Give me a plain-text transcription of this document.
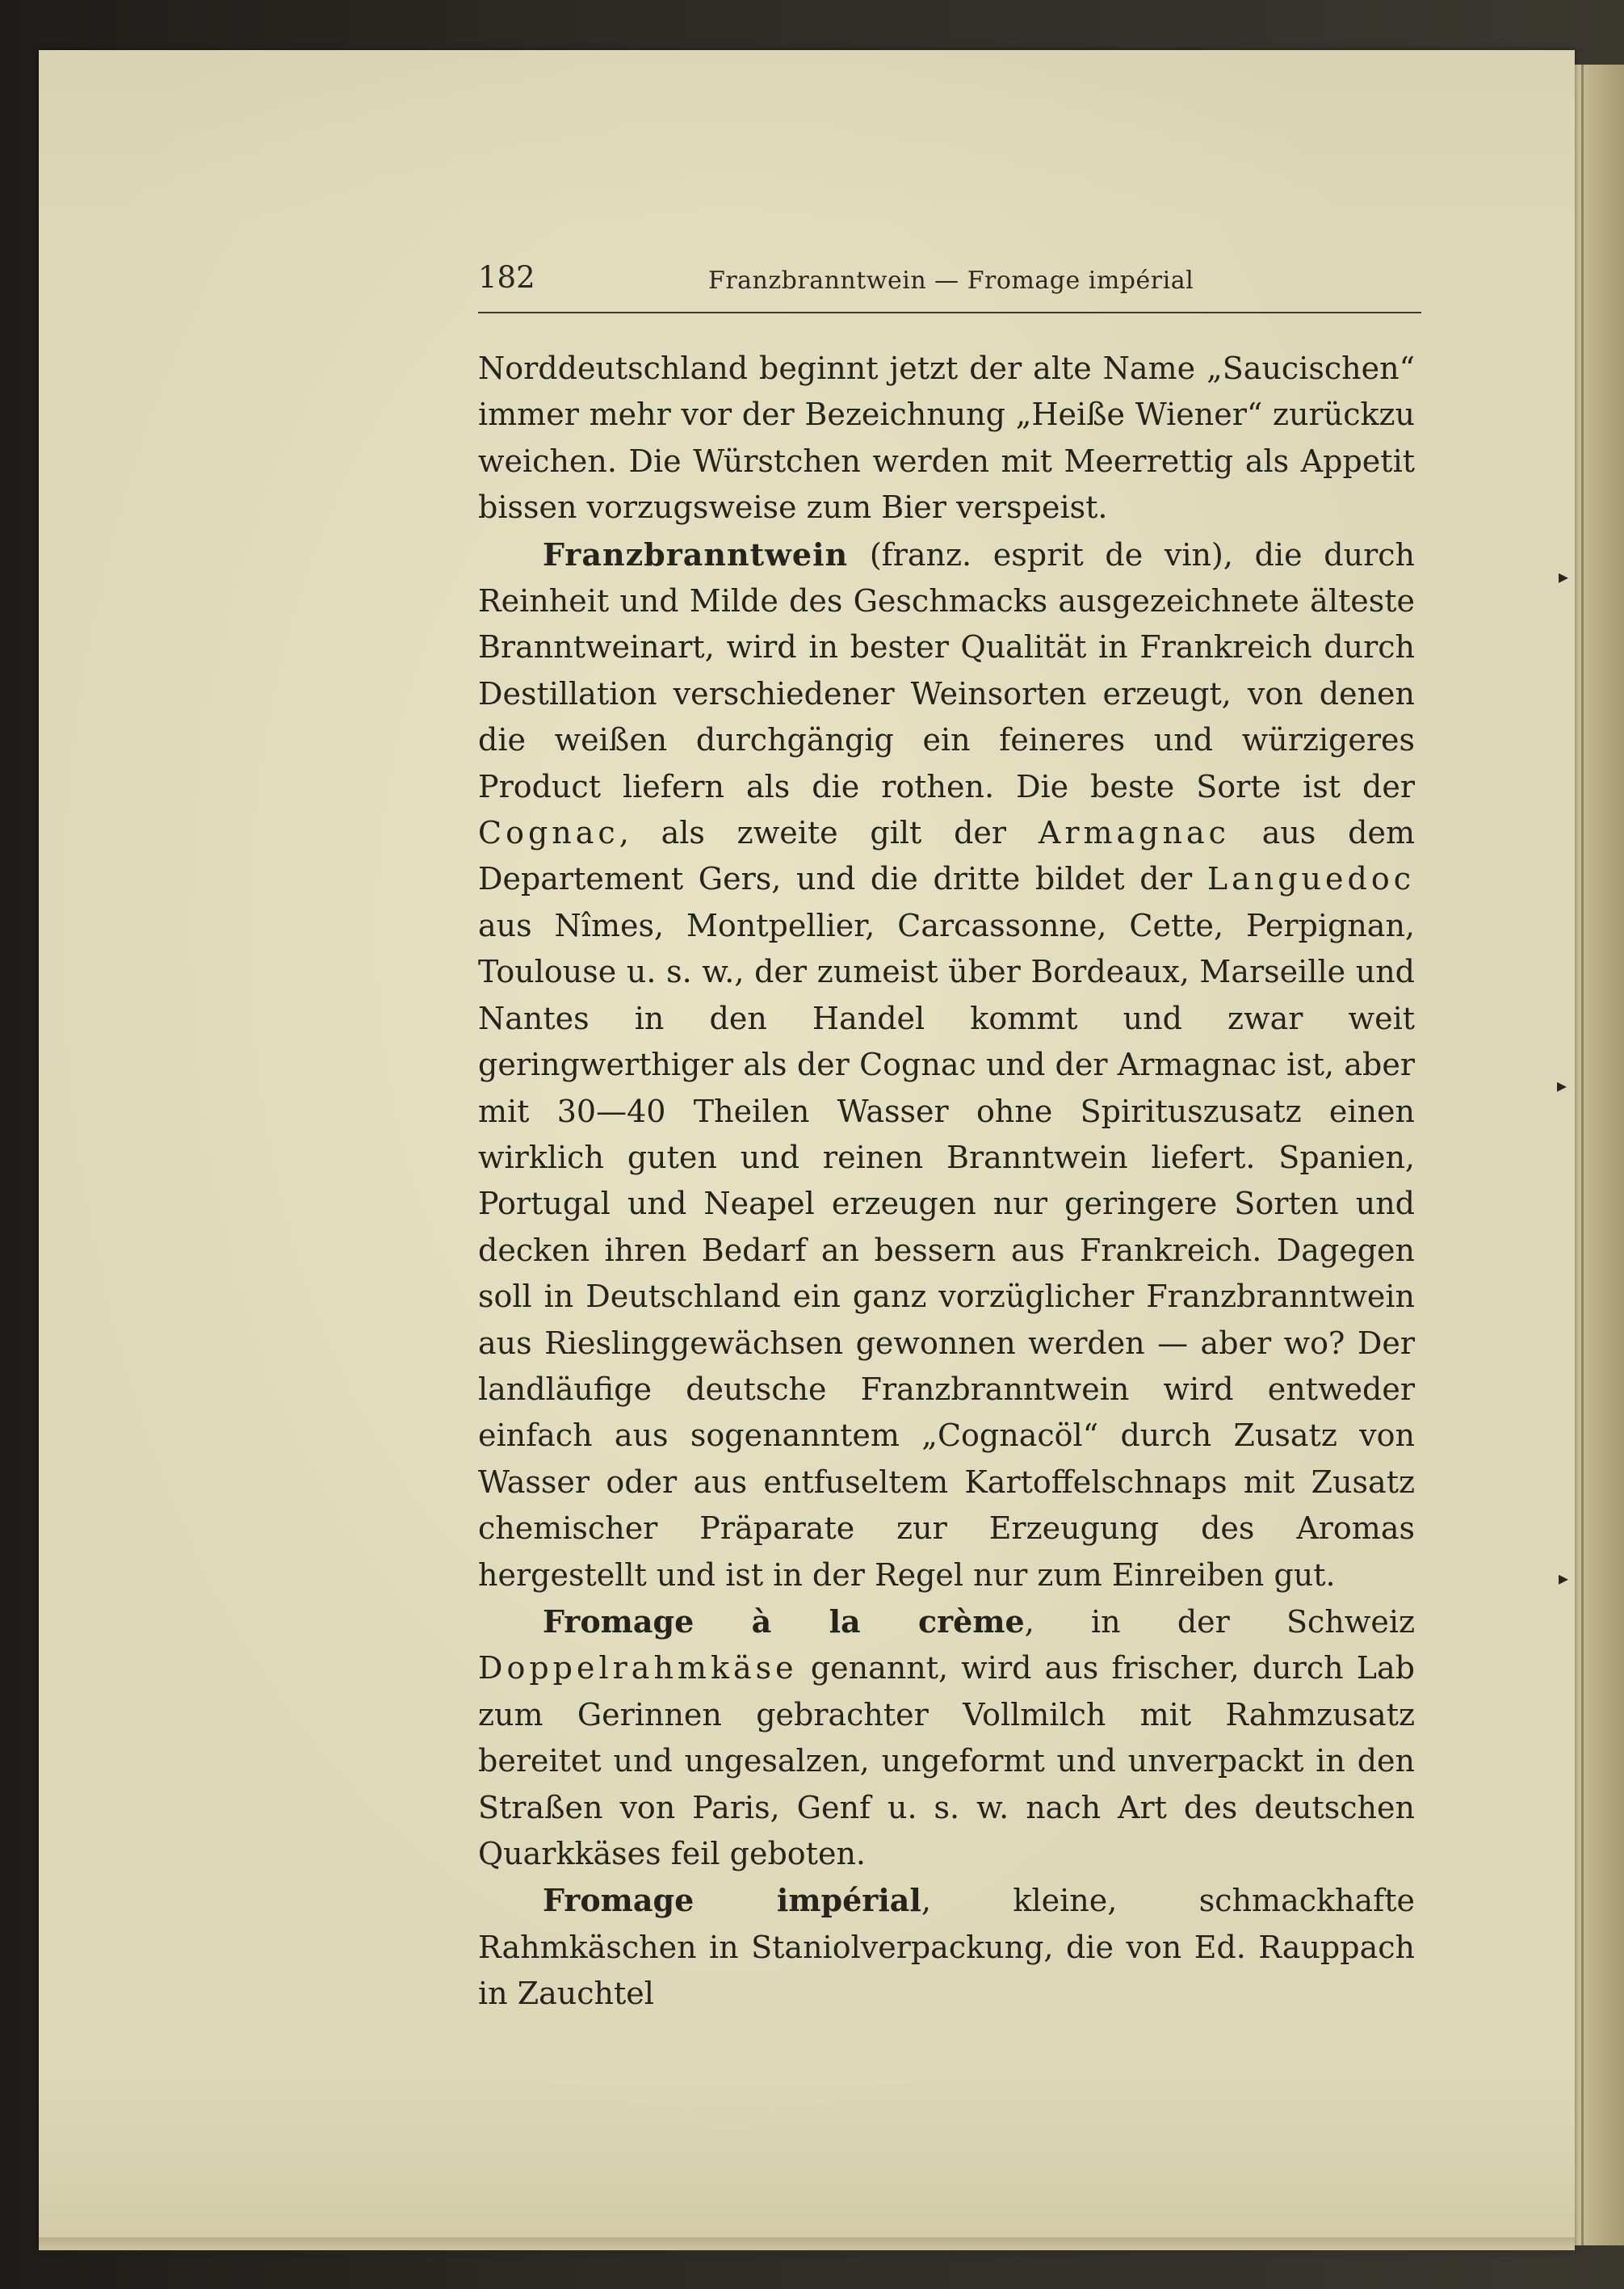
182	Franzbranntwein — Fromage impérial

Norddeutschland beginnt jetzt der alte Name „Saucischen“ immer mehr vor der Bezeichnung „Heiße Wiener“ zurückzu weichen. Die Würstchen werden mit Meerrettig als Appetit bissen vorzugsweise zum Bier verspeist.

Franzbranntwein (franz. esprit de vin), die durch Reinheit und Milde des Geschmacks ausgezeichnete älteste Branntweinart, wird in bester Qualität in Frankreich durch Destillation verschiedener Weinsorten erzeugt, von denen die weißen durchgängig ein feineres und würzigeres Product liefern als die rothen. Die beste Sorte ist der Cognac, als zweite gilt der Armagnac aus dem Departement Gers, und die dritte bildet der Languedoc aus Nîmes, Montpellier, Carcassonne, Cette, Perpignan, Toulouse u. s. w., der zumeist über Bordeaux, Marseille und Nantes in den Handel kommt und zwar weit geringwerthiger als der Cognac und der Armagnac ist, aber mit 30—40 Theilen Wasser ohne Spirituszusatz einen wirklich guten und reinen Branntwein liefert. Spanien, Portugal und Neapel erzeugen nur geringere Sorten und decken ihren Bedarf an bessern aus Frankreich. Dagegen soll in Deutschland ein ganz vorzüglicher Franzbranntwein aus Rieslinggewächsen gewonnen werden — aber wo? Der landläufige deutsche Franzbranntwein wird entweder einfach aus sogenanntem „Cognacöl“ durch Zusatz von Wasser oder aus entfuseltem Kartoffelschnaps mit Zusatz chemischer Präparate zur Erzeugung des Aromas hergestellt und ist in der Regel nur zum Einreiben gut.

Fromage à la crème, in der Schweiz Doppelrahmkäse genannt, wird aus frischer, durch Lab zum Gerinnen gebrachter Vollmilch mit Rahmzusatz bereitet und ungesalzen, ungeformt und unverpackt in den Straßen von Paris, Genf u. s. w. nach Art des deutschen Quarkkäses feil geboten.

Fromage impérial, kleine, schmackhafte Rahmkäschen in Staniolverpackung, die von Ed. Rauppach in Zauchtel

▸
▸
▸
